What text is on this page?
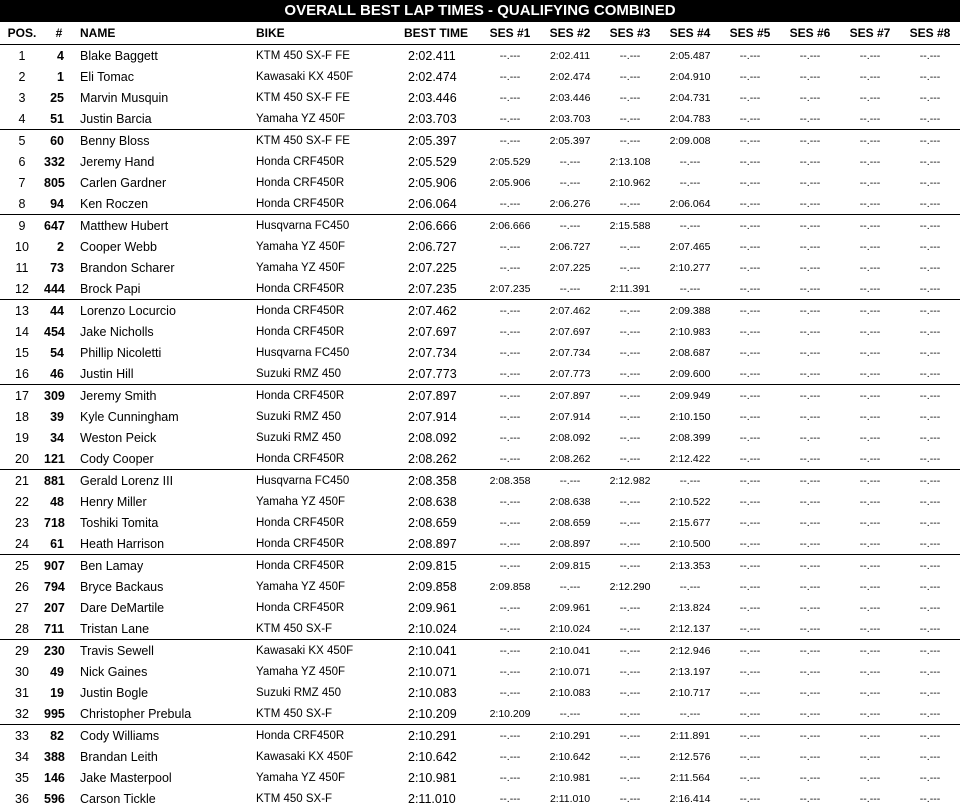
OVERALL BEST LAP TIMES - QUALIFYING COMBINED
POS.	#	NAME	BIKE	BEST TIME	SES #1	SES #2	SES #3	SES #4	SES #5	SES #6	SES #7	SES #8
1	4	Blake Baggett	KTM 450 SX-F FE	2:02.411	--.---	2:02.411	--.---	2:05.487	--.---	--.---	--.---	--.---
2	1	Eli Tomac	Kawasaki KX 450F	2:02.474	--.---	2:02.474	--.---	2:04.910	--.---	--.---	--.---	--.---
3	25	Marvin Musquin	KTM 450 SX-F FE	2:03.446	--.---	2:03.446	--.---	2:04.731	--.---	--.---	--.---	--.---
4	51	Justin Barcia	Yamaha YZ 450F	2:03.703	--.---	2:03.703	--.---	2:04.783	--.---	--.---	--.---	--.---
5	60	Benny Bloss	KTM 450 SX-F FE	2:05.397	--.---	2:05.397	--.---	2:09.008	--.---	--.---	--.---	--.---
6	332	Jeremy Hand	Honda CRF450R	2:05.529	2:05.529	--.---	2:13.108	--.---	--.---	--.---	--.---	--.---
7	805	Carlen Gardner	Honda CRF450R	2:05.906	2:05.906	--.---	2:10.962	--.---	--.---	--.---	--.---	--.---
8	94	Ken Roczen	Honda CRF450R	2:06.064	--.---	2:06.276	--.---	2:06.064	--.---	--.---	--.---	--.---
9	647	Matthew Hubert	Husqvarna FC450	2:06.666	2:06.666	--.---	2:15.588	--.---	--.---	--.---	--.---	--.---
10	2	Cooper Webb	Yamaha YZ 450F	2:06.727	--.---	2:06.727	--.---	2:07.465	--.---	--.---	--.---	--.---
11	73	Brandon Scharer	Yamaha YZ 450F	2:07.225	--.---	2:07.225	--.---	2:10.277	--.---	--.---	--.---	--.---
12	444	Brock Papi	Honda CRF450R	2:07.235	2:07.235	--.---	2:11.391	--.---	--.---	--.---	--.---	--.---
13	44	Lorenzo Locurcio	Honda CRF450R	2:07.462	--.---	2:07.462	--.---	2:09.388	--.---	--.---	--.---	--.---
14	454	Jake Nicholls	Honda CRF450R	2:07.697	--.---	2:07.697	--.---	2:10.983	--.---	--.---	--.---	--.---
15	54	Phillip Nicoletti	Husqvarna FC450	2:07.734	--.---	2:07.734	--.---	2:08.687	--.---	--.---	--.---	--.---
16	46	Justin Hill	Suzuki RMZ 450	2:07.773	--.---	2:07.773	--.---	2:09.600	--.---	--.---	--.---	--.---
17	309	Jeremy Smith	Honda CRF450R	2:07.897	--.---	2:07.897	--.---	2:09.949	--.---	--.---	--.---	--.---
18	39	Kyle Cunningham	Suzuki RMZ 450	2:07.914	--.---	2:07.914	--.---	2:10.150	--.---	--.---	--.---	--.---
19	34	Weston Peick	Suzuki RMZ 450	2:08.092	--.---	2:08.092	--.---	2:08.399	--.---	--.---	--.---	--.---
20	121	Cody Cooper	Honda CRF450R	2:08.262	--.---	2:08.262	--.---	2:12.422	--.---	--.---	--.---	--.---
21	881	Gerald Lorenz III	Husqvarna FC450	2:08.358	2:08.358	--.---	2:12.982	--.---	--.---	--.---	--.---	--.---
22	48	Henry Miller	Yamaha YZ 450F	2:08.638	--.---	2:08.638	--.---	2:10.522	--.---	--.---	--.---	--.---
23	718	Toshiki Tomita	Honda CRF450R	2:08.659	--.---	2:08.659	--.---	2:15.677	--.---	--.---	--.---	--.---
24	61	Heath Harrison	Honda CRF450R	2:08.897	--.---	2:08.897	--.---	2:10.500	--.---	--.---	--.---	--.---
25	907	Ben Lamay	Honda CRF450R	2:09.815	--.---	2:09.815	--.---	2:13.353	--.---	--.---	--.---	--.---
26	794	Bryce Backaus	Yamaha YZ 450F	2:09.858	2:09.858	--.---	2:12.290	--.---	--.---	--.---	--.---	--.---
27	207	Dare DeMartile	Honda CRF450R	2:09.961	--.---	2:09.961	--.---	2:13.824	--.---	--.---	--.---	--.---
28	711	Tristan Lane	KTM 450 SX-F	2:10.024	--.---	2:10.024	--.---	2:12.137	--.---	--.---	--.---	--.---
29	230	Travis Sewell	Kawasaki KX 450F	2:10.041	--.---	2:10.041	--.---	2:12.946	--.---	--.---	--.---	--.---
30	49	Nick Gaines	Yamaha YZ 450F	2:10.071	--.---	2:10.071	--.---	2:13.197	--.---	--.---	--.---	--.---
31	19	Justin Bogle	Suzuki RMZ 450	2:10.083	--.---	2:10.083	--.---	2:10.717	--.---	--.---	--.---	--.---
32	995	Christopher Prebula	KTM 450 SX-F	2:10.209	2:10.209	--.---	--.---	--.---	--.---	--.---	--.---	--.---
33	82	Cody Williams	Honda CRF450R	2:10.291	--.---	2:10.291	--.---	2:11.891	--.---	--.---	--.---	--.---
34	388	Brandan Leith	Kawasaki KX 450F	2:10.642	--.---	2:10.642	--.---	2:12.576	--.---	--.---	--.---	--.---
35	146	Jake Masterpool	Yamaha YZ 450F	2:10.981	--.---	2:10.981	--.---	2:11.564	--.---	--.---	--.---	--.---
36	596	Carson Tickle	KTM 450 SX-F	2:11.010	--.---	2:11.010	--.---	2:16.414	--.---	--.---	--.---	--.---
